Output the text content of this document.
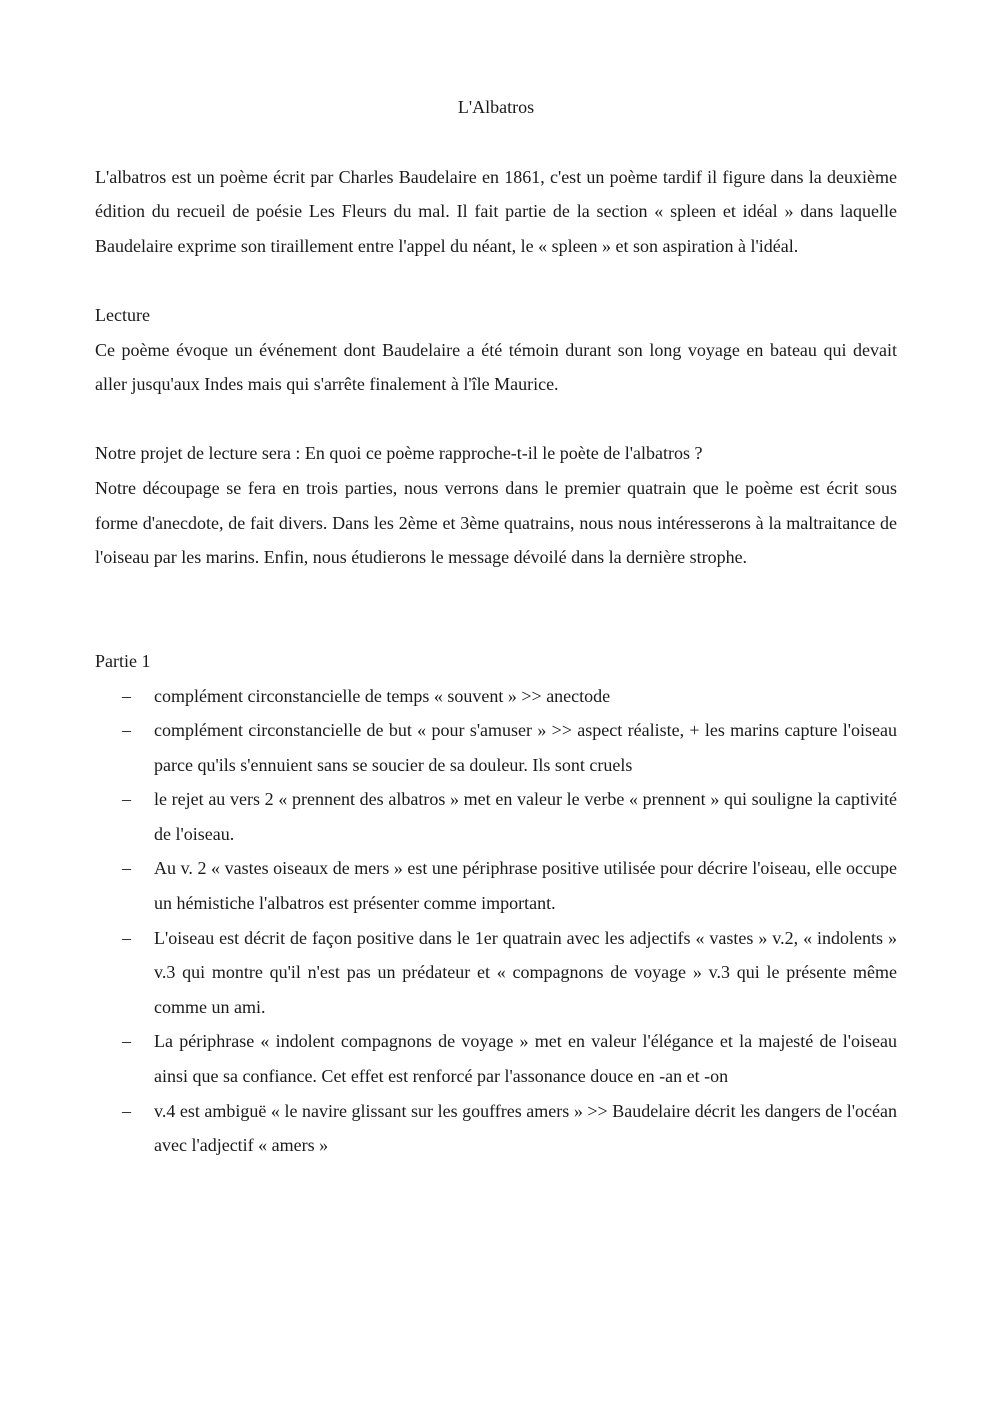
L'Albatros

L'albatros est un poème écrit par Charles Baudelaire en 1861, c'est un poème tardif il figure dans la deuxième édition du recueil de poésie Les Fleurs du mal. Il fait partie de la section « spleen et idéal » dans laquelle Baudelaire exprime son tiraillement entre l'appel du néant, le « spleen » et son aspiration à l'idéal.

Lecture

Ce poème évoque un événement dont Baudelaire a été témoin durant son long voyage en bateau qui devait aller jusqu'aux Indes mais qui s'arrête finalement à l'île Maurice.

Notre projet de lecture sera : En quoi ce poème rapproche-t-il le poète de l'albatros ?

Notre découpage se fera en trois parties, nous verrons dans le premier quatrain que le poème est écrit sous forme d'anecdote, de fait divers. Dans les 2ème et 3ème quatrains, nous nous intéresserons à la maltraitance de l'oiseau par les marins. Enfin, nous étudierons le message dévoilé dans la dernière strophe.

Partie 1

– complément circonstancielle de temps « souvent » >> anectode
– complément circonstancielle de but « pour s'amuser » >> aspect réaliste, + les marins capture l'oiseau parce qu'ils s'ennuient sans se soucier de sa douleur. Ils sont cruels
– le rejet au vers 2 « prennent des albatros » met en valeur le verbe « prennent » qui souligne la captivité de l'oiseau.
– Au v. 2 « vastes oiseaux de mers » est une périphrase positive utilisée pour décrire l'oiseau, elle occupe un hémistiche l'albatros est présenter comme important.
– L'oiseau est décrit de façon positive dans le 1er quatrain avec les adjectifs « vastes » v.2, « indolents » v.3 qui montre qu'il n'est pas un prédateur et « compagnons de voyage » v.3 qui le présente même comme un ami.
– La périphrase « indolent compagnons de voyage » met en valeur l'élégance et la majesté de l'oiseau ainsi que sa confiance. Cet effet est renforcé par l'assonance douce en -an et -on
– v.4 est ambiguë « le navire glissant sur les gouffres amers » >> Baudelaire décrit les dangers de l'océan avec l'adjectif « amers »
